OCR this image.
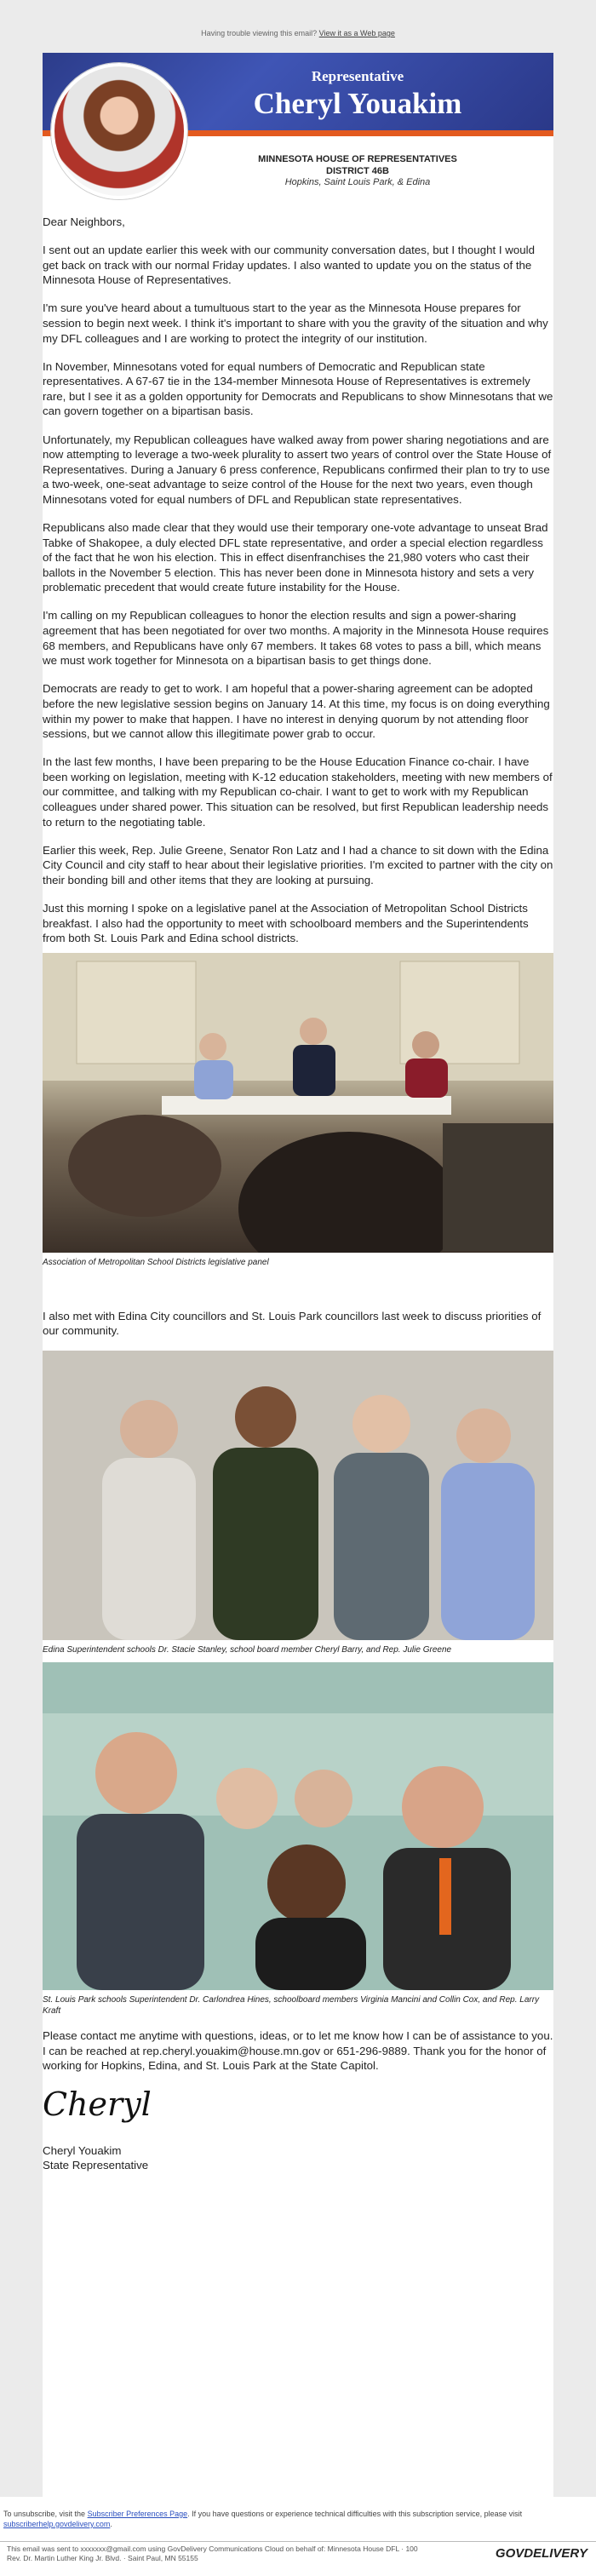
Having trouble viewing this email? View it as a Web page
Representative
Cheryl Youakim
MINNESOTA HOUSE OF REPRESENTATIVES
DISTRICT 46B
Hopkins, Saint Louis Park, & Edina

Dear Neighbors,

I sent out an update earlier this week with our community conversation dates, but I thought I would get back on track with our normal Friday updates. I also wanted to update you on the status of the Minnesota House of Representatives.

I'm sure you've heard about a tumultuous start to the year as the Minnesota House prepares for session to begin next week. I think it's important to share with you the gravity of the situation and why my DFL colleagues and I are working to protect the integrity of our institution.

In November, Minnesotans voted for equal numbers of Democratic and Republican state representatives. A 67-67 tie in the 134-member Minnesota House of Representatives is extremely rare, but I see it as a golden opportunity for Democrats and Republicans to show Minnesotans that we can govern together on a bipartisan basis.

Unfortunately, my Republican colleagues have walked away from power sharing negotiations and are now attempting to leverage a two-week plurality to assert two years of control over the State House of Representatives. During a January 6 press conference, Republicans confirmed their plan to try to use a two-week, one-seat advantage to seize control of the House for the next two years, even though Minnesotans voted for equal numbers of DFL and Republican state representatives.

Republicans also made clear that they would use their temporary one-vote advantage to unseat Brad Tabke of Shakopee, a duly elected DFL state representative, and order a special election regardless of the fact that he won his election. This in effect disenfranchises the 21,980 voters who cast their ballots in the November 5 election. This has never been done in Minnesota history and sets a very problematic precedent that would create future instability for the House.

I'm calling on my Republican colleagues to honor the election results and sign a power-sharing agreement that has been negotiated for over two months. A majority in the Minnesota House requires 68 members, and Republicans have only 67 members. It takes 68 votes to pass a bill, which means we must work together for Minnesota on a bipartisan basis to get things done.

Democrats are ready to get to work. I am hopeful that a power-sharing agreement can be adopted before the new legislative session begins on January 14. At this time, my focus is on doing everything within my power to make that happen. I have no interest in denying quorum by not attending floor sessions, but we cannot allow this illegitimate power grab to occur.

In the last few months, I have been preparing to be the House Education Finance co-chair. I have been working on legislation, meeting with K-12 education stakeholders, meeting with new members of our committee, and talking with my Republican co-chair. I want to get to work with my Republican colleagues under shared power. This situation can be resolved, but first Republican leadership needs to return to the negotiating table.

Earlier this week, Rep. Julie Greene, Senator Ron Latz and I had a chance to sit down with the Edina City Council and city staff to hear about their legislative priorities. I'm excited to partner with the city on their bonding bill and other items that they are looking at pursuing.

Just this morning I spoke on a legislative panel at the Association of Metropolitan School Districts breakfast. I also had the opportunity to meet with schoolboard members and the Superintendents from both St. Louis Park and Edina school districts.

Association of Metropolitan School Districts legislative panel

I also met with Edina City councillors and St. Louis Park councillors last week to discuss priorities of our community.

Edina Superintendent schools Dr. Stacie Stanley, school board member Cheryl Barry, and Rep. Julie Greene

St. Louis Park schools Superintendent Dr. Carlondrea Hines, schoolboard members Virginia Mancini and Collin Cox, and Rep. Larry Kraft

Please contact me anytime with questions, ideas, or to let me know how I can be of assistance to you. I can be reached at rep.cheryl.youakim@house.mn.gov or 651-296-9889. Thank you for the honor of working for Hopkins, Edina, and St. Louis Park at the State Capitol.

Cheryl

Cheryl Youakim

State Representative

To unsubscribe, visit the Subscriber Preferences Page. If you have questions or experience technical difficulties with this subscription service, please visit subscriberhelp.govdelivery.com.
This email was sent to xxxxxxx@gmail.com using GovDelivery Communications Cloud on behalf of: Minnesota House DFL · 100
Rev. Dr. Martin Luther King Jr. Blvd. · Saint Paul, MN 55155	GOVDELIVERY
